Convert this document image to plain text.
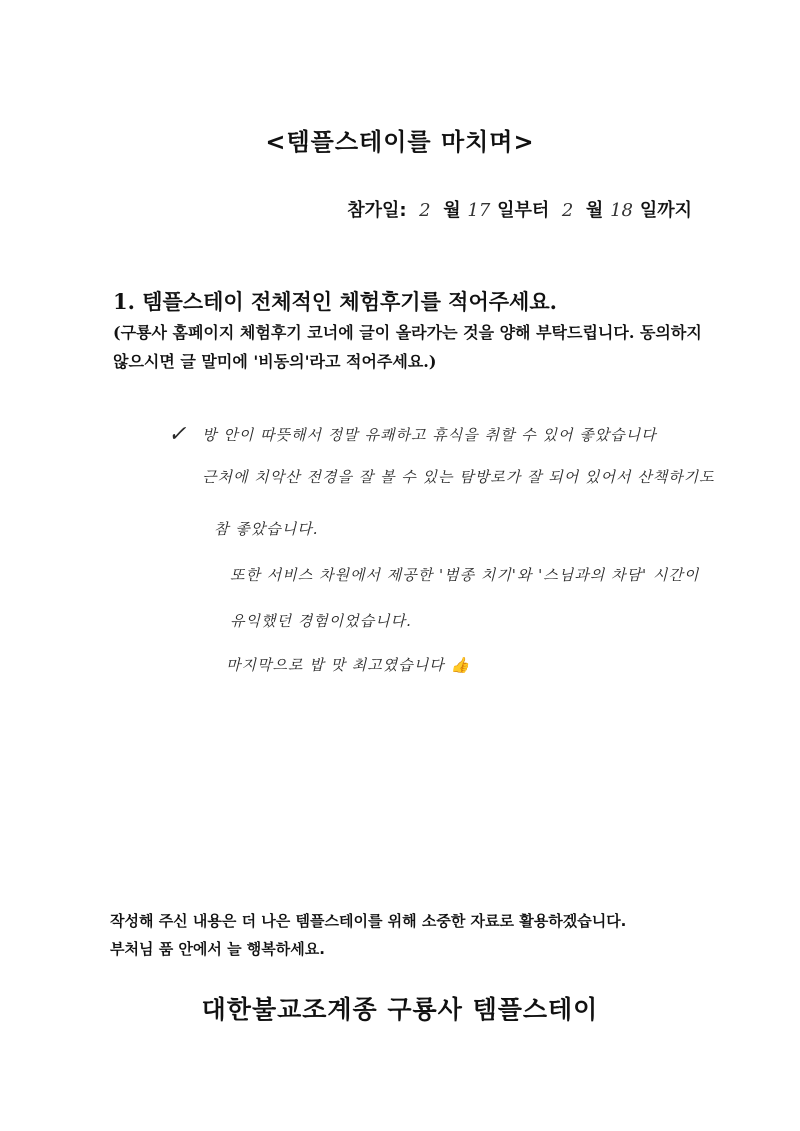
<템플스테이를 마치며>
참가일: 2 월 17 일부터 2 월 18 일까지
1. 템플스테이 전체적인 체험후기를 적어주세요.
(구룡사 홈페이지 체험후기 코너에 글이 올라가는 것을 양해 부탁드립니다. 동의하지 않으시면 글 말미에 '비동의'라고 적어주세요.)
✓ 방 안이 따뜻해서 정말 유쾌하고 휴식을 취할 수 있어 좋았습니다
근처에 치악산 전경을 잘 볼 수 있는 탐방로가 잘 되어 있어서 산책하기도
참 좋았습니다.
또한 서비스 차원에서 제공한 '범종 치기'와 '스님과의 차담' 시간이
유익했던 경험이었습니다.
마지막으로 밥 맛 최고였습니다 👍
작성해 주신 내용은 더 나은 템플스테이를 위해 소중한 자료로 활용하겠습니다.
부처님 품 안에서 늘 행복하세요.
대한불교조계종 구룡사 템플스테이
